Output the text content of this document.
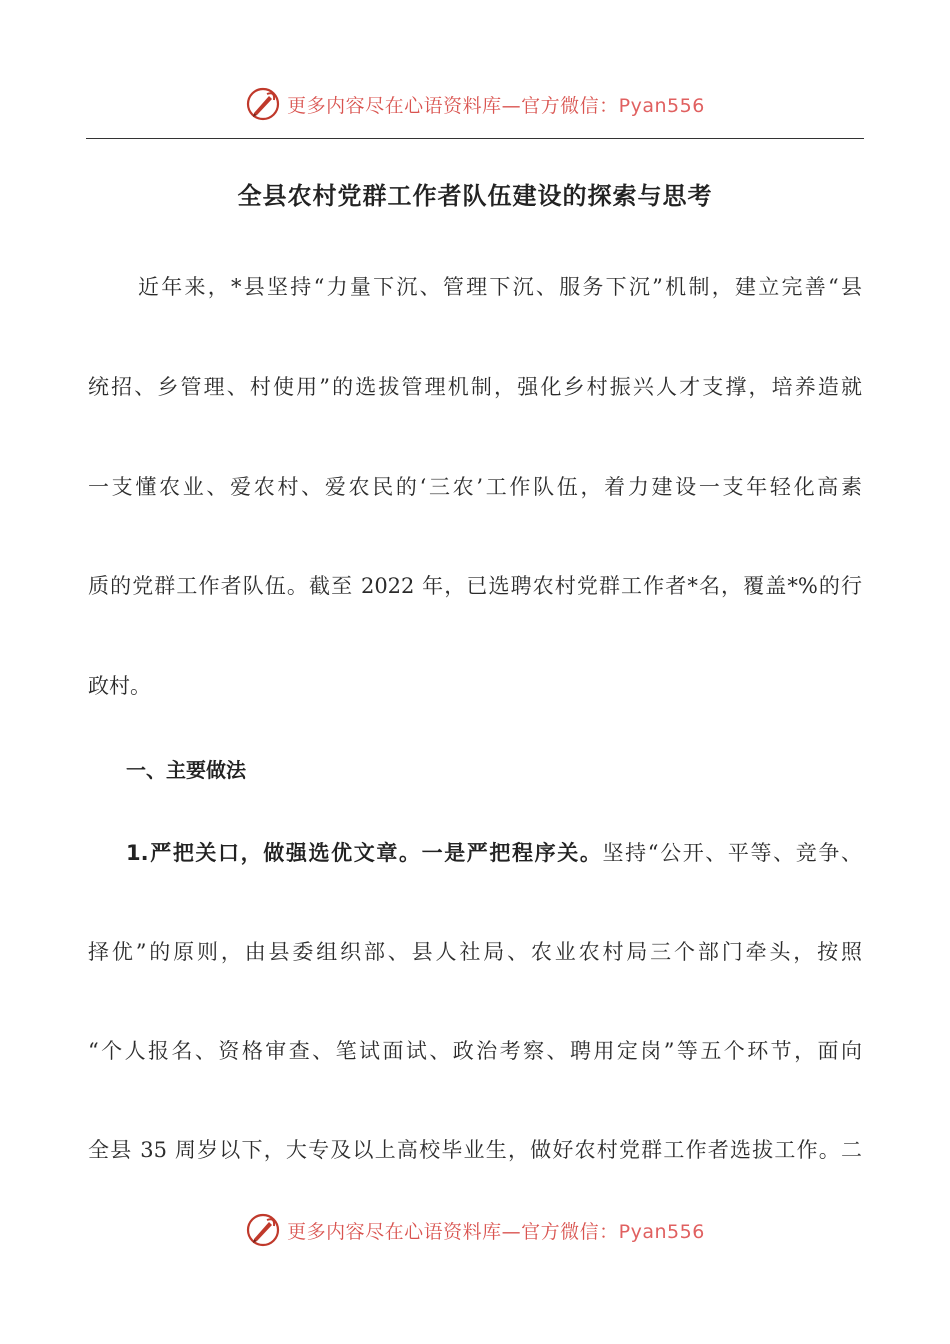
更多内容尽在心语资料库—官方微信：Pyan556
全县农村党群工作者队伍建设的探索与思考
近年来，*县坚持“力量下沉、管理下沉、服务下沉”机制，建立完善“县
统招、乡管理、村使用”的选拔管理机制，强化乡村振兴人才支撑，培养造就
一支懂农业、爱农村、爱农民的‘三农’工作队伍，着力建设一支年轻化高素
质的党群工作者队伍。截至 2022 年，已选聘农村党群工作者*名，覆盖*%的行
政村。
一、主要做法
1.严把关口，做强选优文章。一是严把程序关。坚持“公开、平等、竞争、
择优”的原则，由县委组织部、县人社局、农业农村局三个部门牵头，按照
“个人报名、资格审查、笔试面试、政治考察、聘用定岗”等五个环节，面向
全县 35 周岁以下，大专及以上高校毕业生，做好农村党群工作者选拔工作。二
更多内容尽在心语资料库—官方微信：Pyan556
